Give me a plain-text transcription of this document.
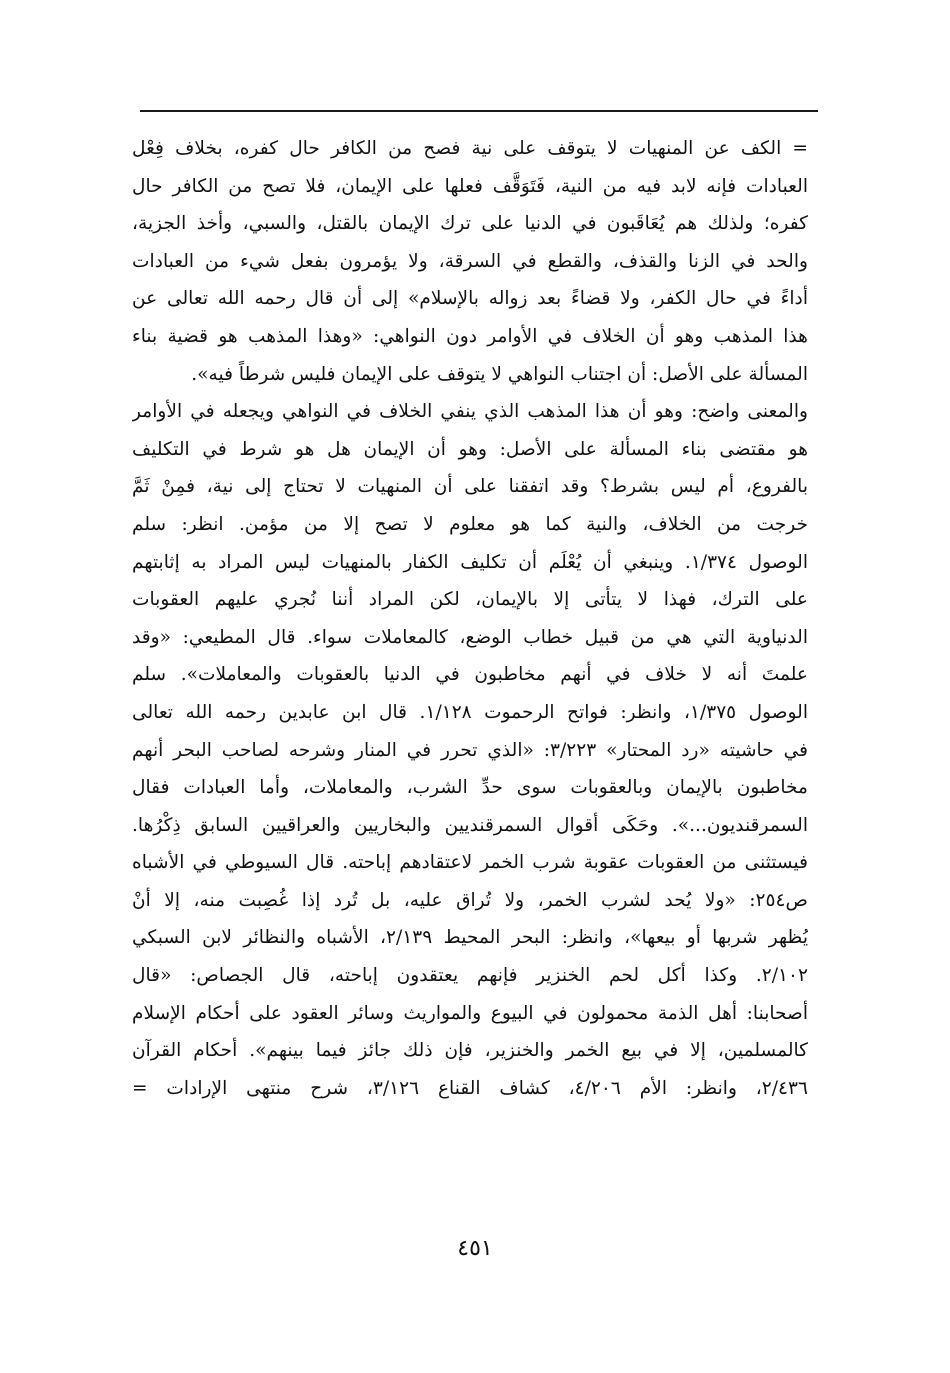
= الكف عن المنهيات لا يتوقف على نية فصح من الكافر حال كفره، بخلاف فِعْل
العبادات فإنه لابد فيه من النية، فَتَوَقَّف فعلها على الإيمان، فلا تصح من الكافر حال
كفره؛ ولذلك هم يُعَاقَبون في الدنيا على ترك الإيمان بالقتل، والسبي، وأخذ الجزية،
والحد في الزنا والقذف، والقطع في السرقة، ولا يؤمرون بفعل شيء من العبادات
أداءً في حال الكفر، ولا قضاءً بعد زواله بالإسلام» إلى أن قال رحمه الله تعالى عن
هذا المذهب وهو أن الخلاف في الأوامر دون النواهي: «وهذا المذهب هو قضية بناء
المسألة على الأصل: أن اجتناب النواهي لا يتوقف على الإيمان فليس شرطاً فيه».
والمعنى واضح: وهو أن هذا المذهب الذي ينفي الخلاف في النواهي ويجعله في الأوامر
هو مقتضى بناء المسألة على الأصل: وهو أن الإيمان هل هو شرط في التكليف
بالفروع، أم ليس بشرط؟ وقد اتفقنا على أن المنهيات لا تحتاج إلى نية، فمِنْ ثَمَّ
خرجت من الخلاف، والنية كما هو معلوم لا تصح إلا من مؤمن. انظر: سلم
الوصول ١/٣٧٤. وينبغي أن يُعْلَم أن تكليف الكفار بالمنهيات ليس المراد به إثابتهم
على الترك، فهذا لا يتأتى إلا بالإيمان، لكن المراد أننا نُجري عليهم العقوبات
الدنياوية التي هي من قبيل خطاب الوضع، كالمعاملات سواء. قال المطيعي: «وقد
علمتَ أنه لا خلاف في أنهم مخاطبون في الدنيا بالعقوبات والمعاملات». سلم
الوصول ١/٣٧٥، وانظر: فواتح الرحموت ١/١٢٨. قال ابن عابدين رحمه الله تعالى
في حاشيته «رد المحتار» ٣/٢٢٣: «الذي تحرر في المنار وشرحه لصاحب البحر أنهم
مخاطبون بالإيمان وبالعقوبات سوى حدِّ الشرب، والمعاملات، وأما العبادات فقال
السمرقنديون...». وحَكَى أقوال السمرقنديين والبخاريين والعراقيين السابق ذِكْرُها.
فيستثنى من العقوبات عقوبة شرب الخمر لاعتقادهم إباحته. قال السيوطي في الأشباه
ص٢٥٤: «ولا يُحد لشرب الخمر، ولا تُراق عليه، بل تُرد إذا غُصِبت منه، إلا أنْ
يُظهر شربها أو بيعها»، وانظر: البحر المحيط ٢/١٣٩، الأشباه والنظائر لابن السبكي
٢/١٠٢. وكذا أكل لحم الخنزير فإنهم يعتقدون إباحته، قال الجصاص: «قال
أصحابنا: أهل الذمة محمولون في البيوع والمواريث وسائر العقود على أحكام الإسلام
كالمسلمين، إلا في بيع الخمر والخنزير، فإن ذلك جائز فيما بينهم». أحكام القرآن
٢/٤٣٦، وانظر: الأم ٤/٢٠٦، كشاف القناع ٣/١٢٦، شرح منتهى الإرادات =
٤٥١
